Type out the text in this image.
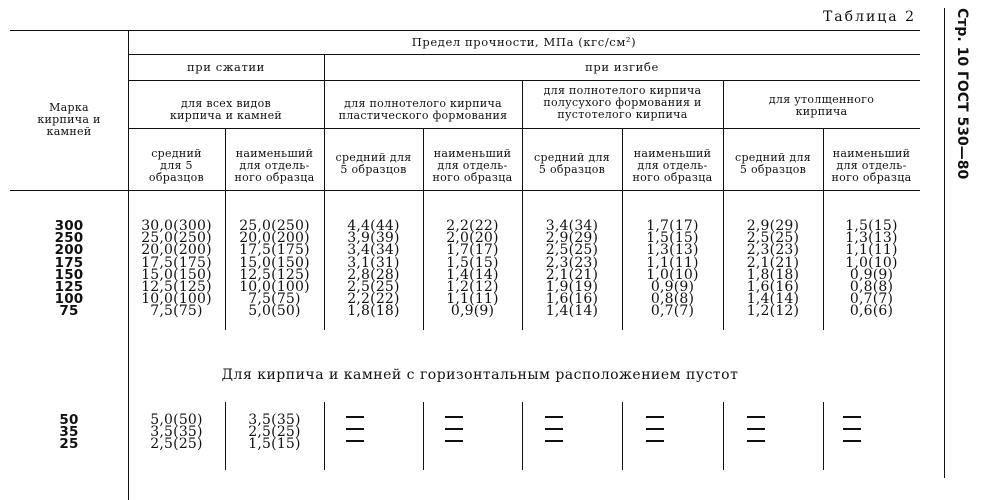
Таблица 2	Стр. 10 ГОСТ 530—80
Предел прочности, МПа (кгс/см²)
при сжатии	при изгибе
Марка
кирпича и
камней
для всех видов
кирпича и камней
для полнотелого кирпича
пластического формования
для полнотелого кирпича
полусухого формования и
пустотелого кирпича
для утолщенного
кирпича
средний
для 5
образцов
наименьший
для отдель-
ного образца
средний для
5 образцов
наименьший
для отдель-
ного образца
средний для
5 образцов
наименьший
для отдель-
ного образца
средний для
5 образцов
наименьший
для отдель-
ного образца
300
250
200
175
150
125
100
75
30,0(300)
25,0(250)
20,0(200)
17,5(175)
15,0(150)
12,5(125)
10,0(100)
7,5(75)
25,0(250)
20,0(200)
17,5(175)
15,0(150)
12,5(125)
10,0(100)
7,5(75)
5,0(50)
4,4(44)
3,9(39)
3,4(34)
3,1(31)
2,8(28)
2,5(25)
2,2(22)
1,8(18)
2,2(22)
2,0(20)
1,7(17)
1,5(15)
1,4(14)
1,2(12)
1,1(11)
0,9(9)
3,4(34)
2,9(29)
2,5(25)
2,3(23)
2,1(21)
1,9(19)
1,6(16)
1,4(14)
1,7(17)
1,5(15)
1,3(13)
1,1(11)
1,0(10)
0,9(9)
0,8(8)
0,7(7)
2,9(29)
2,5(25)
2,3(23)
2,1(21)
1,8(18)
1,6(16)
1,4(14)
1,2(12)
1,5(15)
1,3(13)
1,1(11)
1,0(10)
0,9(9)
0,8(8)
0,7(7)
0,6(6)
Для кирпича и камней с горизонтальным расположением пустот
50
35
25
5,0(50)
3,5(35)
2,5(25)
3,5(35)
2,5(25)
1,5(15)
